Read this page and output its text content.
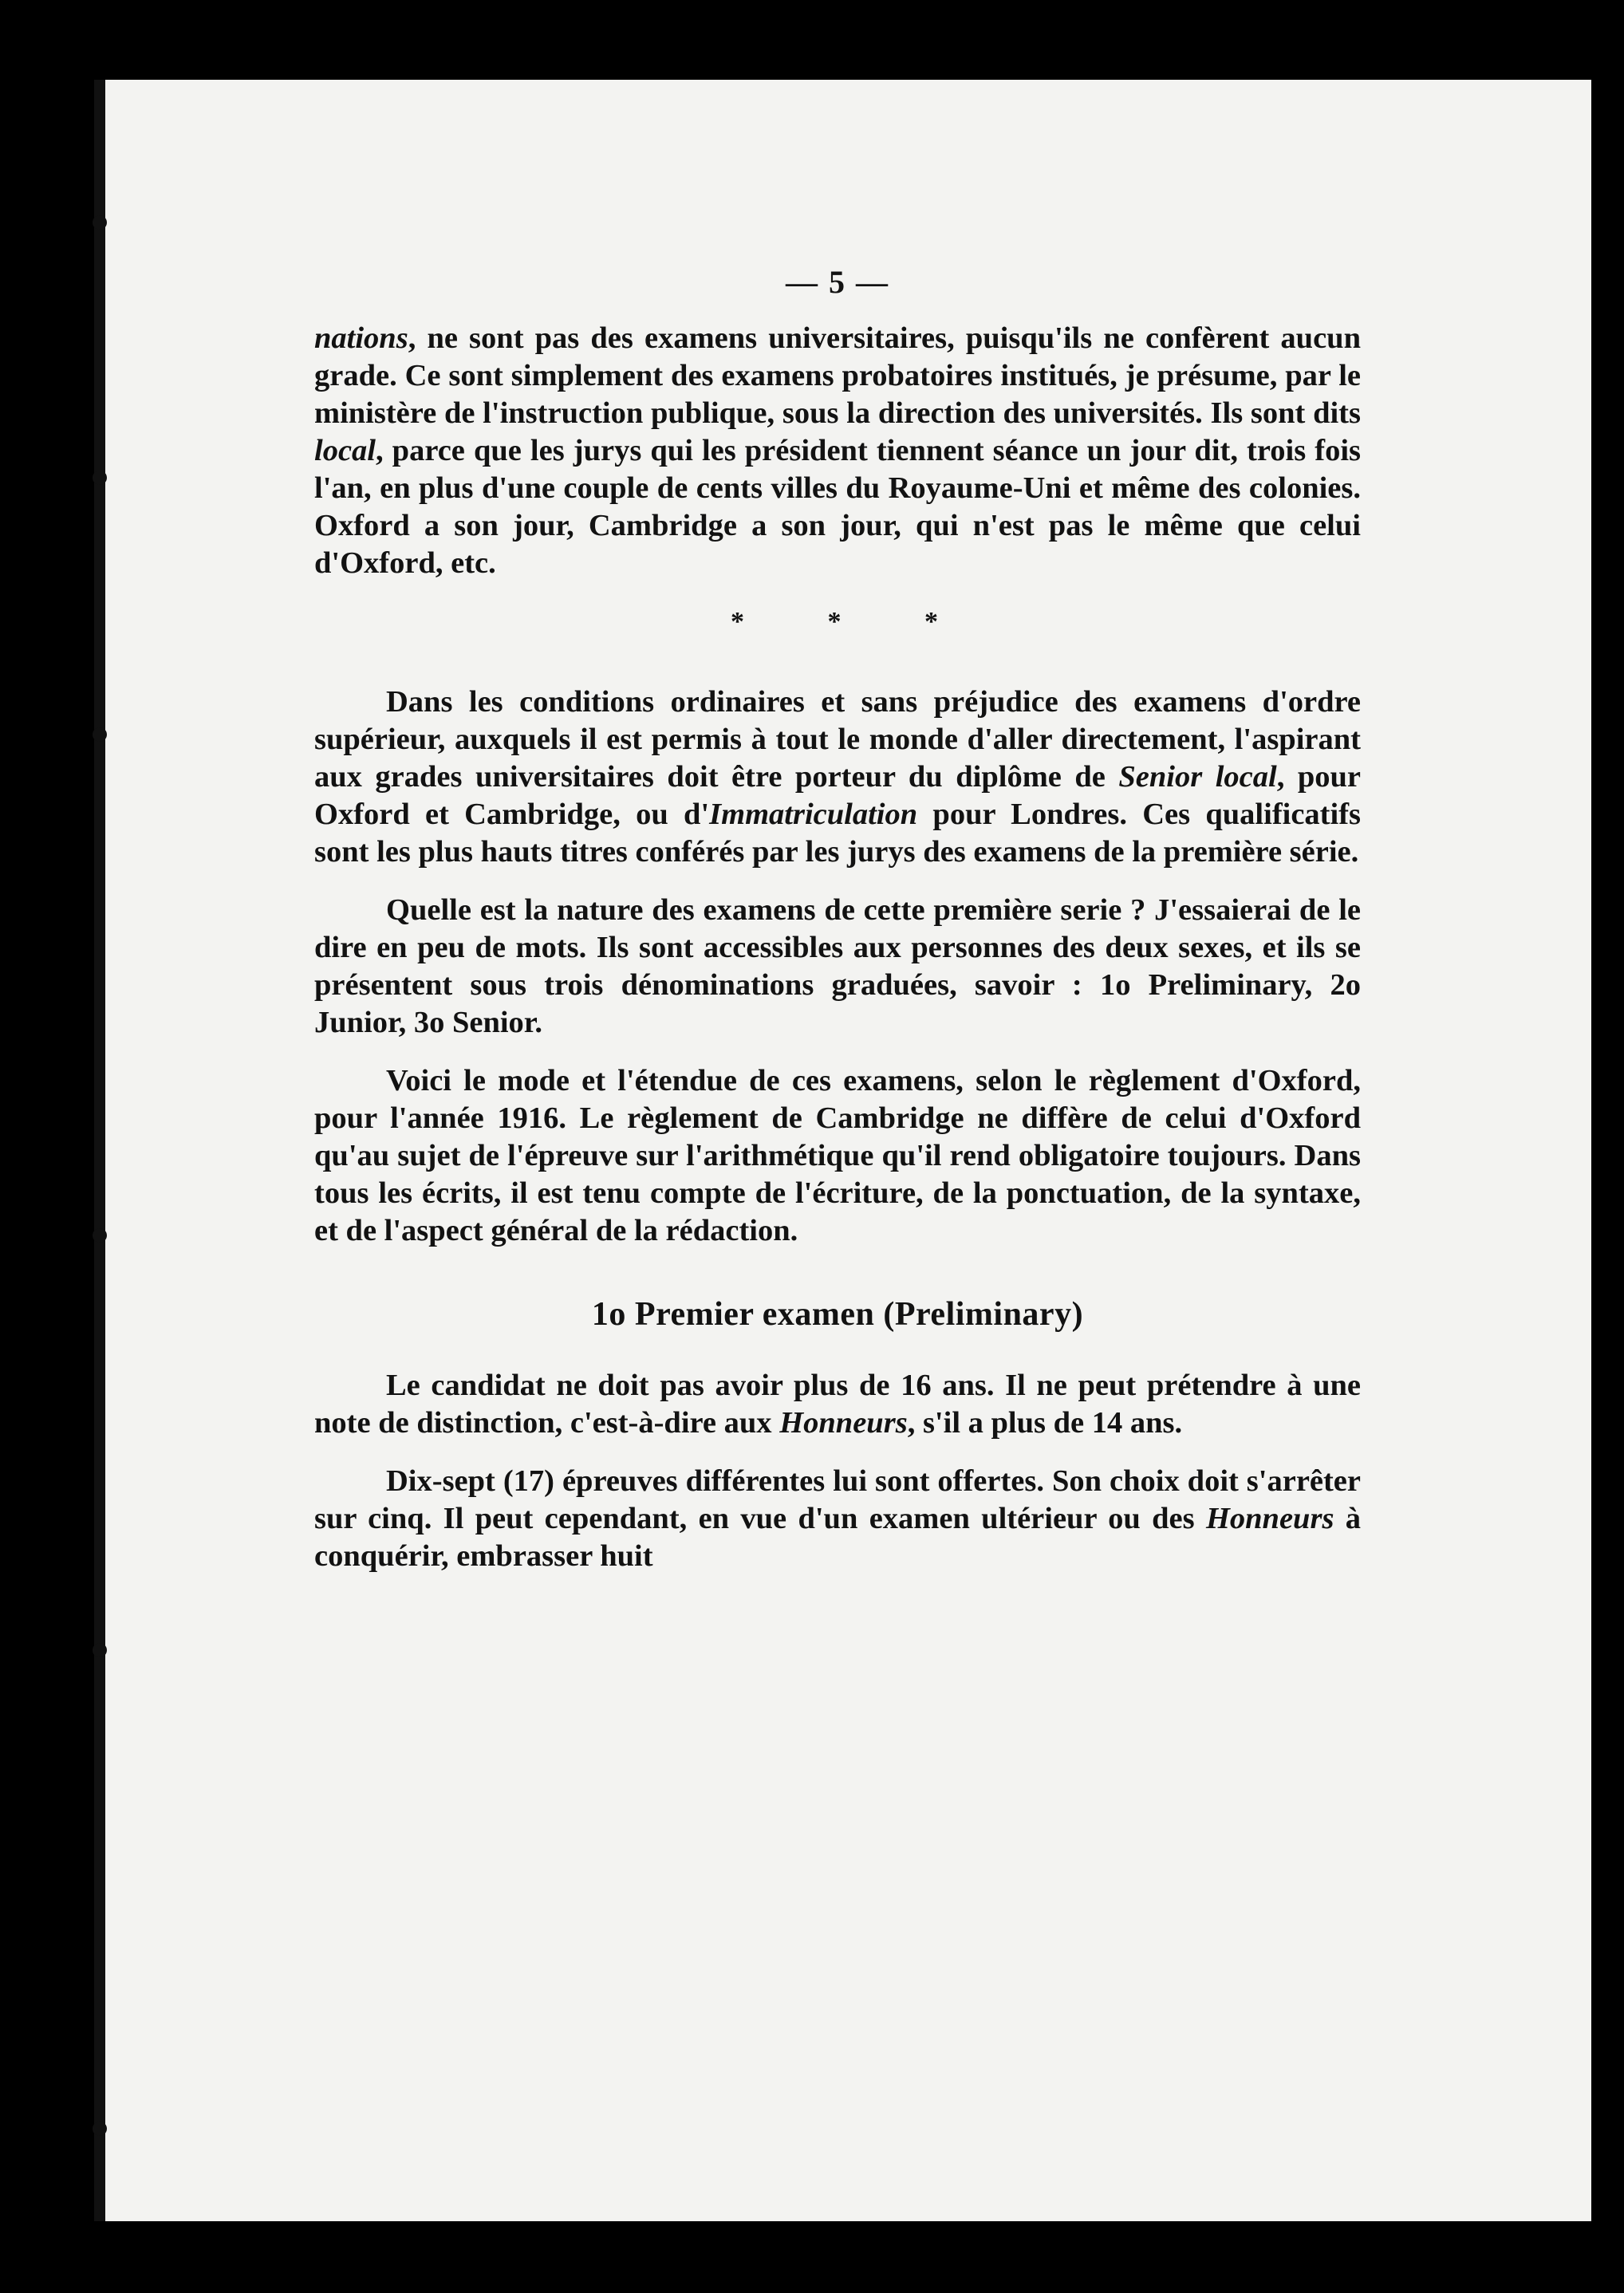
— 5 —

nations, ne sont pas des examens universitaires, puisqu'ils ne confèrent aucun grade. Ce sont simplement des examens probatoires institués, je présume, par le ministère de l'instruction publique, sous la direction des universités. Ils sont dits local, parce que les jurys qui les président tiennent séance un jour dit, trois fois l'an, en plus d'une couple de cents villes du Royaume-Uni et même des colonies. Oxford a son jour, Cambridge a son jour, qui n'est pas le même que celui d'Oxford, etc.

* * *

Dans les conditions ordinaires et sans préjudice des examens d'ordre supérieur, auxquels il est permis à tout le monde d'aller directement, l'aspirant aux grades universitaires doit être porteur du diplôme de Senior local, pour Oxford et Cambridge, ou d'Immatriculation pour Londres. Ces qualificatifs sont les plus hauts titres conférés par les jurys des examens de la première série.

Quelle est la nature des examens de cette première serie ? J'essaierai de le dire en peu de mots. Ils sont accessibles aux personnes des deux sexes, et ils se présentent sous trois dénominations graduées, savoir : 1o Preliminary, 2o Junior, 3o Senior.

Voici le mode et l'étendue de ces examens, selon le règlement d'Oxford, pour l'année 1916. Le règlement de Cambridge ne diffère de celui d'Oxford qu'au sujet de l'épreuve sur l'arithmétique qu'il rend obligatoire toujours. Dans tous les écrits, il est tenu compte de l'écriture, de la ponctuation, de la syntaxe, et de l'aspect général de la rédaction.

1o Premier examen (Preliminary)

Le candidat ne doit pas avoir plus de 16 ans. Il ne peut prétendre à une note de distinction, c'est-à-dire aux Honneurs, s'il a plus de 14 ans.

Dix-sept (17) épreuves différentes lui sont offertes. Son choix doit s'arrêter sur cinq. Il peut cependant, en vue d'un examen ultérieur ou des Honneurs à conquérir, embrasser huit
